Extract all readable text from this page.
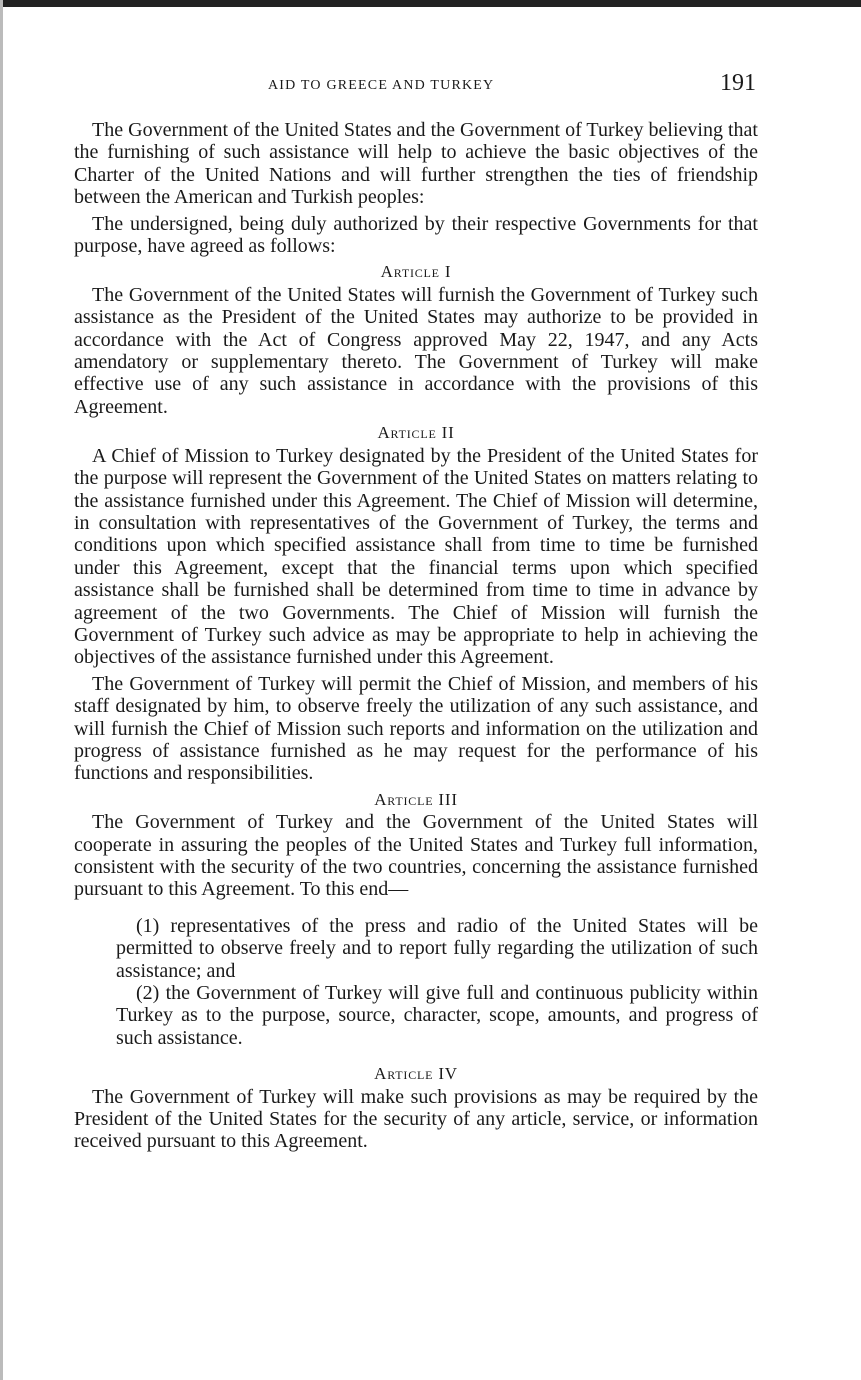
AID TO GREECE AND TURKEY	191

The Government of the United States and the Government of Turkey believing that the furnishing of such assistance will help to achieve the basic objectives of the Charter of the United Nations and will further strengthen the ties of friendship between the American and Turkish peoples:

The undersigned, being duly authorized by their respective Governments for that purpose, have agreed as follows:

Article I

The Government of the United States will furnish the Government of Turkey such assistance as the President of the United States may authorize to be provided in accordance with the Act of Congress approved May 22, 1947, and any Acts amendatory or supplementary thereto. The Government of Turkey will make effective use of any such assistance in accordance with the provisions of this Agreement.

Article II

A Chief of Mission to Turkey designated by the President of the United States for the purpose will represent the Government of the United States on matters relating to the assistance furnished under this Agreement. The Chief of Mission will determine, in consultation with representatives of the Government of Turkey, the terms and conditions upon which specified assistance shall from time to time be furnished under this Agreement, except that the financial terms upon which specified assistance shall be furnished shall be determined from time to time in advance by agreement of the two Governments. The Chief of Mission will furnish the Government of Turkey such advice as may be appropriate to help in achieving the objectives of the assistance furnished under this Agreement.

The Government of Turkey will permit the Chief of Mission, and members of his staff designated by him, to observe freely the utilization of any such assistance, and will furnish the Chief of Mission such reports and information on the utilization and progress of assistance furnished as he may request for the performance of his functions and responsibilities.

Article III

The Government of Turkey and the Government of the United States will cooperate in assuring the peoples of the United States and Turkey full information, consistent with the security of the two countries, concerning the assistance furnished pursuant to this Agreement. To this end—

(1) representatives of the press and radio of the United States will be permitted to observe freely and to report fully regarding the utilization of such assistance; and

(2) the Government of Turkey will give full and continuous publicity within Turkey as to the purpose, source, character, scope, amounts, and progress of such assistance.

Article IV

The Government of Turkey will make such provisions as may be required by the President of the United States for the security of any article, service, or information received pursuant to this Agreement.
